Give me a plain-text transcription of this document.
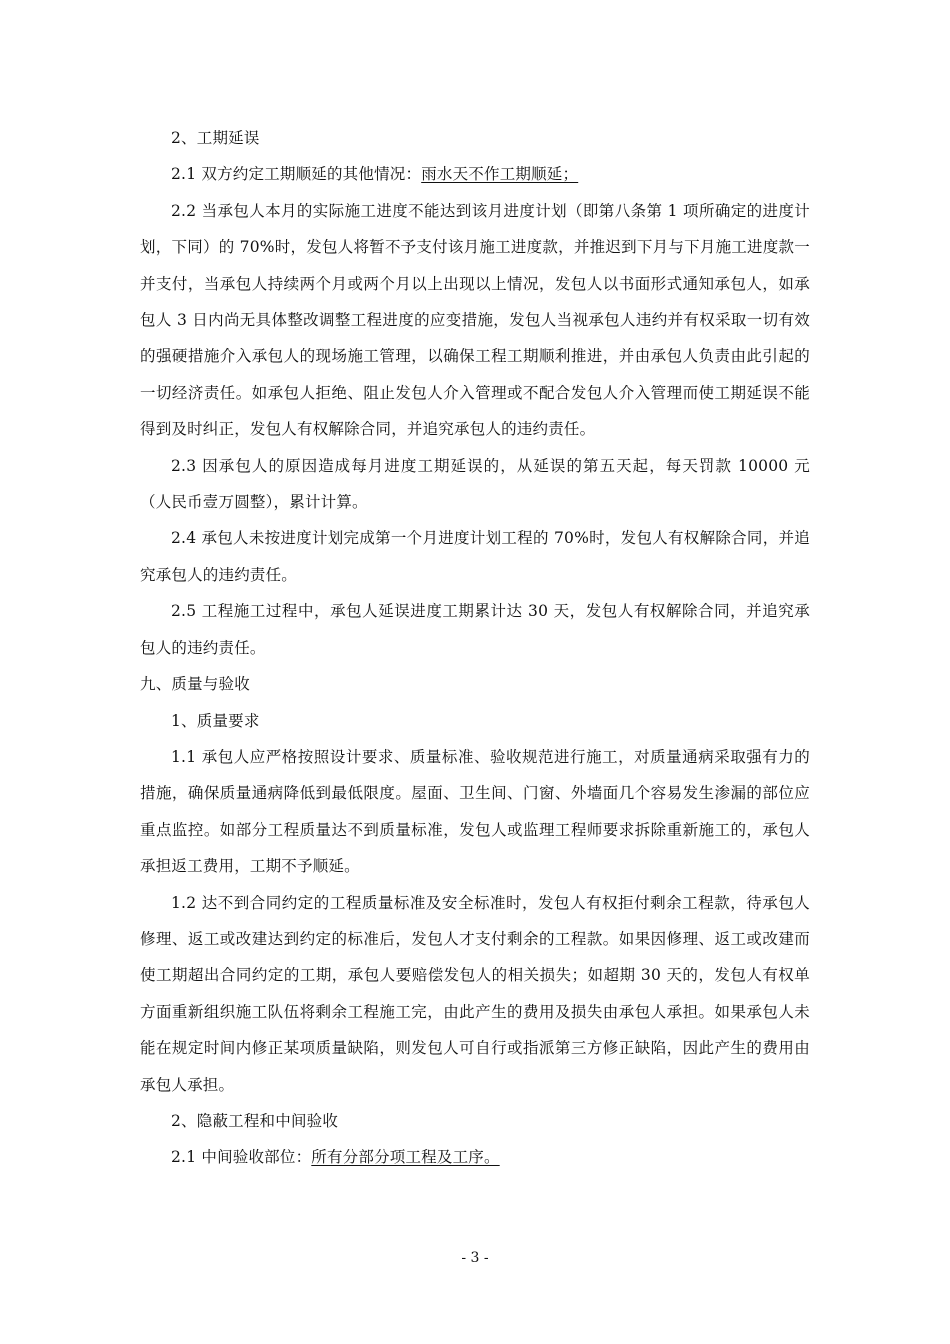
2、工期延误

2.1 双方约定工期顺延的其他情况：雨水天不作工期顺延；

2.2 当承包人本月的实际施工进度不能达到该月进度计划（即第八条第 1 项所确定的进度计划，下同）的 70%时，发包人将暂不予支付该月施工进度款，并推迟到下月与下月施工进度款一并支付，当承包人持续两个月或两个月以上出现以上情况，发包人以书面形式通知承包人，如承包人 3 日内尚无具体整改调整工程进度的应变措施，发包人当视承包人违约并有权采取一切有效的强硬措施介入承包人的现场施工管理，以确保工程工期顺利推进，并由承包人负责由此引起的一切经济责任。如承包人拒绝、阻止发包人介入管理或不配合发包人介入管理而使工期延误不能得到及时纠正，发包人有权解除合同，并追究承包人的违约责任。

2.3 因承包人的原因造成每月进度工期延误的，从延误的第五天起，每天罚款 10000 元（人民币壹万圆整），累计计算。

2.4 承包人未按进度计划完成第一个月进度计划工程的 70%时，发包人有权解除合同，并追究承包人的违约责任。

2.5 工程施工过程中，承包人延误进度工期累计达 30 天，发包人有权解除合同，并追究承包人的违约责任。

九、质量与验收

1、质量要求

1.1 承包人应严格按照设计要求、质量标准、验收规范进行施工，对质量通病采取强有力的措施，确保质量通病降低到最低限度。屋面、卫生间、门窗、外墙面几个容易发生渗漏的部位应重点监控。如部分工程质量达不到质量标准，发包人或监理工程师要求拆除重新施工的，承包人承担返工费用，工期不予顺延。

1.2 达不到合同约定的工程质量标准及安全标准时，发包人有权拒付剩余工程款，待承包人修理、返工或改建达到约定的标准后，发包人才支付剩余的工程款。如果因修理、返工或改建而使工期超出合同约定的工期，承包人要赔偿发包人的相关损失；如超期 30 天的，发包人有权单方面重新组织施工队伍将剩余工程施工完，由此产生的费用及损失由承包人承担。如果承包人未能在规定时间内修正某项质量缺陷，则发包人可自行或指派第三方修正缺陷，因此产生的费用由承包人承担。

2、隐蔽工程和中间验收

2.1 中间验收部位：所有分部分项工程及工序。

- 3 -
